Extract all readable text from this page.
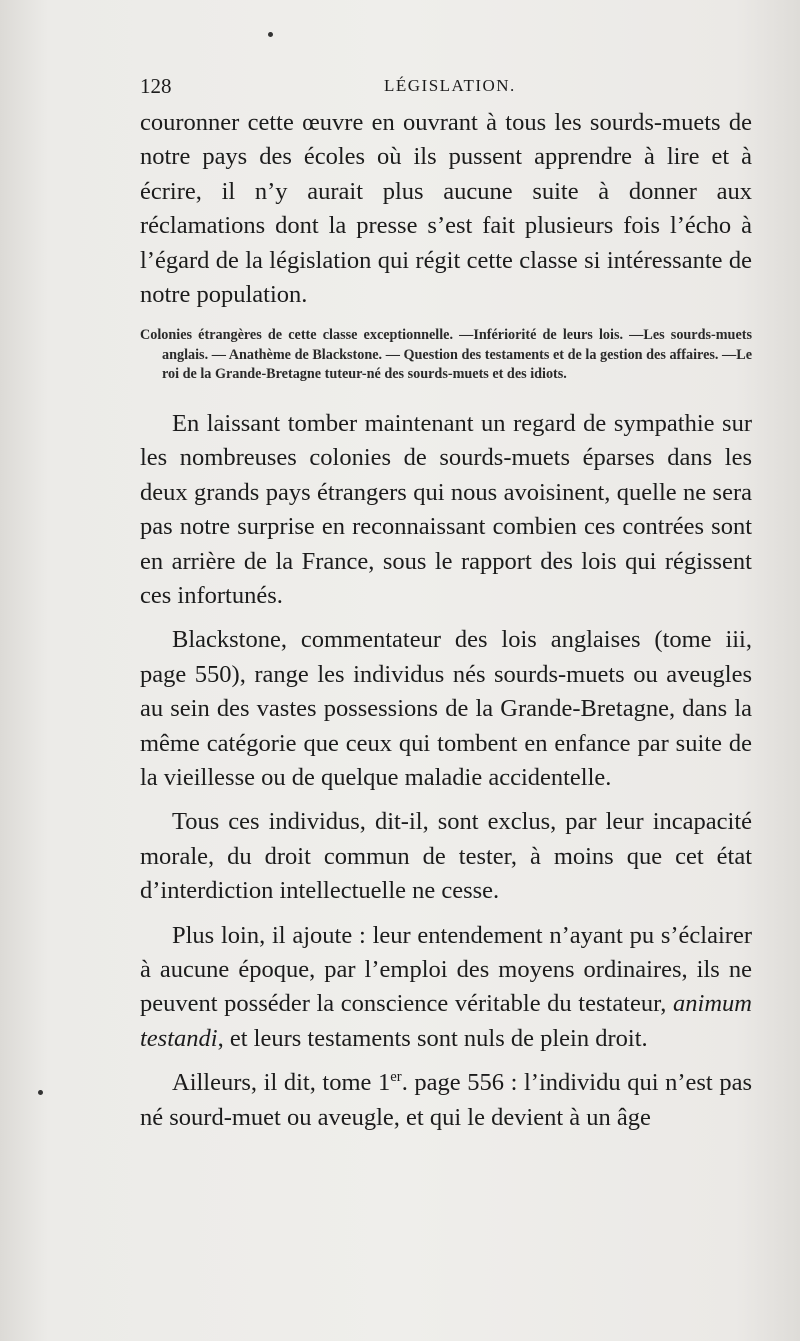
128	LÉGISLATION.

couronner cette œuvre en ouvrant à tous les sourds-muets de notre pays des écoles où ils pussent apprendre à lire et à écrire, il n’y aurait plus aucune suite à donner aux réclamations dont la presse s’est fait plusieurs fois l’écho à l’égard de la législation qui régit cette classe si intéressante de notre population.

Colonies étrangères de cette classe exceptionnelle. —Infériorité de leurs lois. —Les sourds-muets anglais. — Anathème de Blackstone. — Question des testaments et de la gestion des affaires. —Le roi de la Grande-Bretagne tuteur-né des sourds-muets et des idiots.

En laissant tomber maintenant un regard de sympathie sur les nombreuses colonies de sourds-muets éparses dans les deux grands pays étrangers qui nous avoisinent, quelle ne sera pas notre surprise en reconnaissant combien ces contrées sont en arrière de la France, sous le rapport des lois qui régissent ces infortunés.

Blackstone, commentateur des lois anglaises (tome iii, page 550), range les individus nés sourds-muets ou aveugles au sein des vastes possessions de la Grande-Bretagne, dans la même catégorie que ceux qui tombent en enfance par suite de la vieillesse ou de quelque maladie accidentelle.

Tous ces individus, dit-il, sont exclus, par leur incapacité morale, du droit commun de tester, à moins que cet état d’interdiction intellectuelle ne cesse.

Plus loin, il ajoute : leur entendement n’ayant pu s’éclairer à aucune époque, par l’emploi des moyens ordinaires, ils ne peuvent posséder la conscience véritable du testateur, animum testandi, et leurs testaments sont nuls de plein droit.

Ailleurs, il dit, tome 1er. page 556 : l’individu qui n’est pas né sourd-muet ou aveugle, et qui le devient à un âge
